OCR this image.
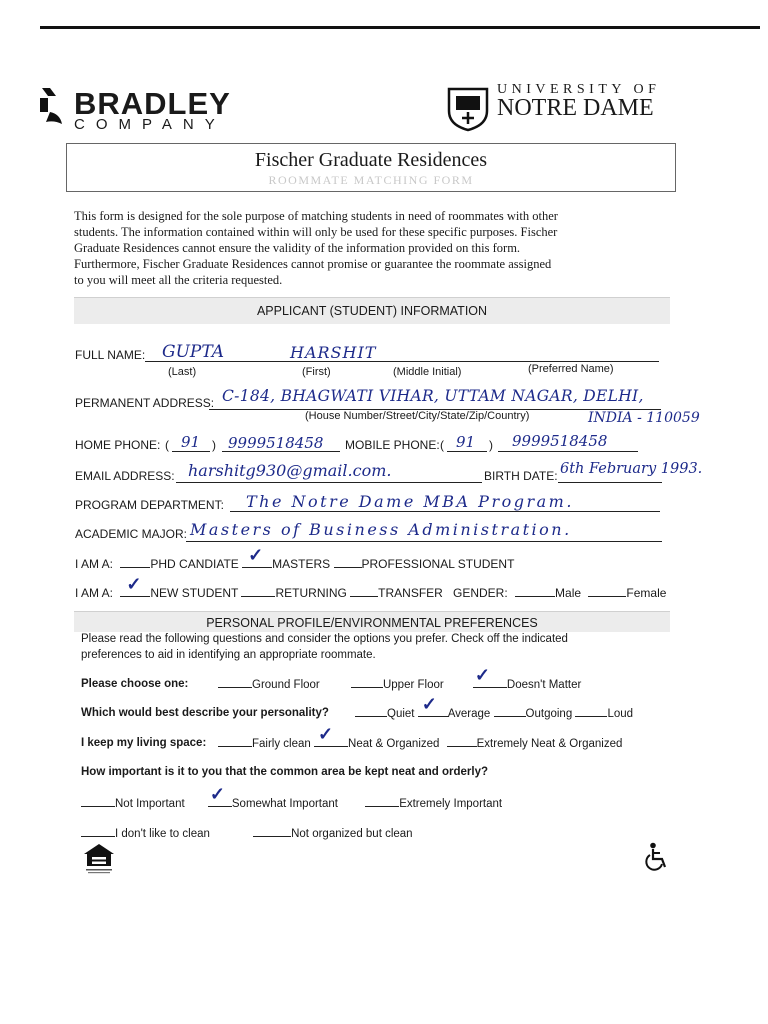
BRADLEY
COMPANY
UNIVERSITY OF
NOTRE DAME
Fischer Graduate Residences
ROOMMATE MATCHING FORM
This form is designed for the sole purpose of matching students in need of roommates with other
students. The information contained within will only be used for these specific purposes. Fischer
Graduate Residences cannot ensure the validity of the information provided on this form.
Furthermore, Fischer Graduate Residences cannot promise or guarantee the roommate assigned
to you will meet all the criteria requested.
APPLICANT (STUDENT) INFORMATION
FULL NAME: GUPTA	HARSHIT
(Last)	(First)	(Middle Initial)	(Preferred Name)
PERMANENT ADDRESS: C-184, BHAGWATI VIHAR, UTTAM NAGAR, DELHI,
(House Number/Street/City/State/Zip/Country)	INDIA - 110059
HOME PHONE: ( 91 ) 9999518458 MOBILE PHONE: ( 91 ) 9999518458
EMAIL ADDRESS: harshitg930@gmail.com.	BIRTH DATE: 6th February 1993.
PROGRAM DEPARTMENT: The Notre Dame MBA Program.
ACADEMIC MAJOR: Masters of Business Administration.
I AM A:	PHD CANDIATE ✓ MASTERS	PROFESSIONAL STUDENT
I AM A: ✓ NEW STUDENT	RETURNING	TRANSFER GENDER:	Male	Female
PERSONAL PROFILE/ENVIRONMENTAL PREFERENCES
Please read the following questions and consider the options you prefer. Check off the indicated
preferences to aid in identifying an appropriate roommate.
Please choose one:	Ground Floor	Upper Floor ✓ Doesn't Matter
Which would best describe your personality?	Quiet ✓ Average	Outgoing	Loud
I keep my living space:	Fairly clean ✓ Neat & Organized	Extremely Neat & Organized
How important is it to you that the common area be kept neat and orderly?
Not Important ✓ Somewhat Important	Extremely Important
I don't like to clean	Not organized but clean
